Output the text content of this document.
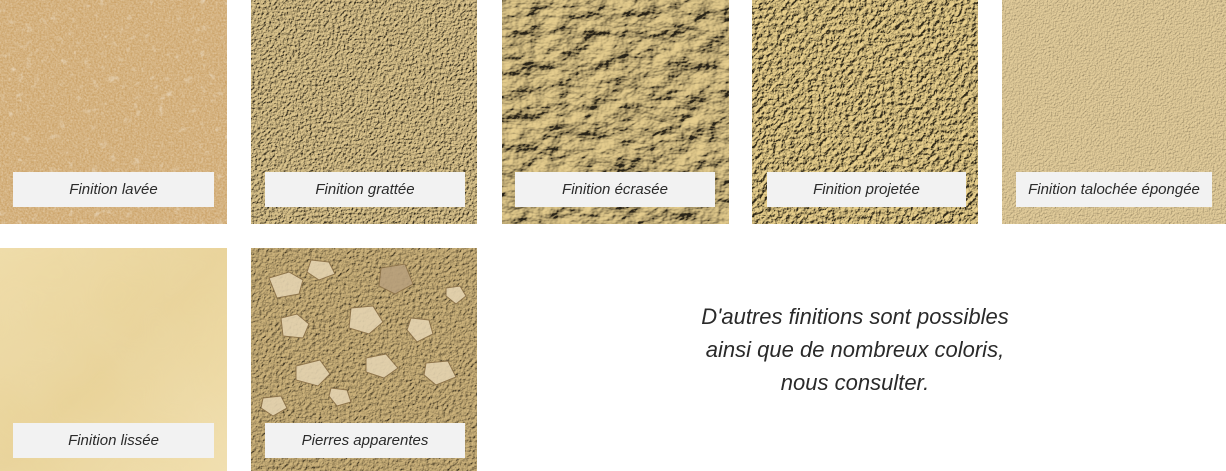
Finition lavée	Finition grattée	Finition écrasée	Finition projetée	Finition talochée épongée
Finition lissée	Pierres apparentes
D'autres finitions sont possibles
ainsi que de nombreux coloris,
nous consulter.
